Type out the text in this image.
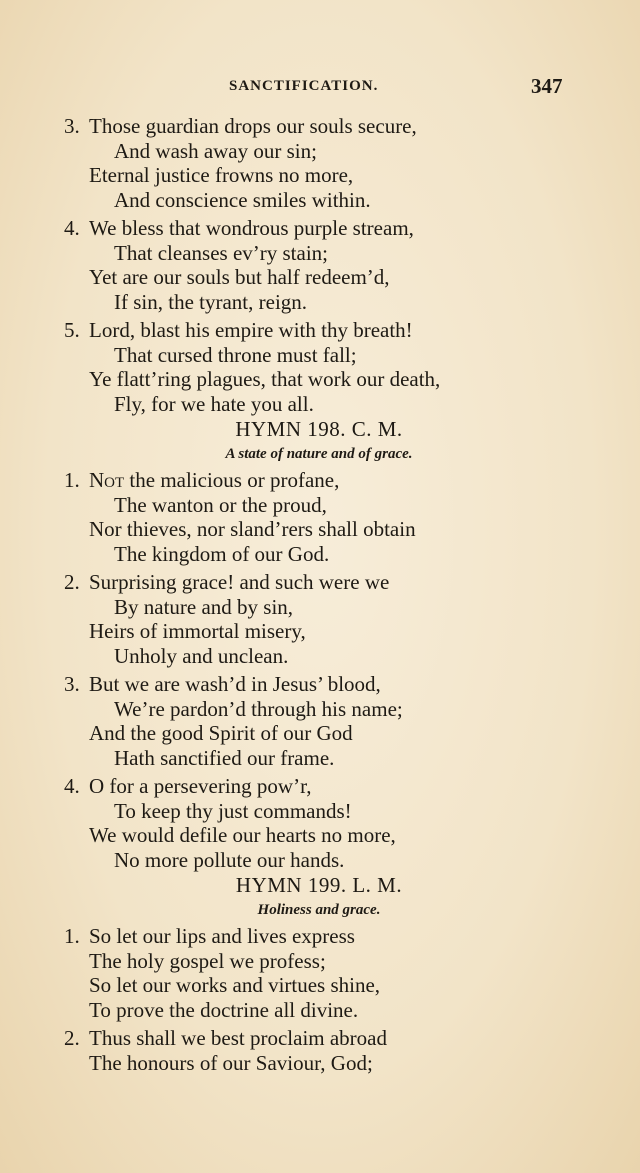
SANCTIFICATION.	347
3. Those guardian drops our souls secure,
And wash away our sin;
Eternal justice frowns no more,
And conscience smiles within.
4. We bless that wondrous purple stream,
That cleanses ev’ry stain;
Yet are our souls but half redeem’d,
If sin, the tyrant, reign.
5. Lord, blast his empire with thy breath!
That cursed throne must fall;
Ye flatt’ring plagues, that work our death,
Fly, for we hate you all.
HYMN 198. C. M.
A state of nature and of grace.
1. Not the malicious or profane,
The wanton or the proud,
Nor thieves, nor sland’rers shall obtain
The kingdom of our God.
2. Surprising grace! and such were we
By nature and by sin,
Heirs of immortal misery,
Unholy and unclean.
3. But we are wash’d in Jesus’ blood,
We’re pardon’d through his name;
And the good Spirit of our God
Hath sanctified our frame.
4. O for a persevering pow’r,
To keep thy just commands!
We would defile our hearts no more,
No more pollute our hands.
HYMN 199. L. M.
Holiness and grace.
1. So let our lips and lives express
The holy gospel we profess;
So let our works and virtues shine,
To prove the doctrine all divine.
2. Thus shall we best proclaim abroad
The honours of our Saviour, God;
